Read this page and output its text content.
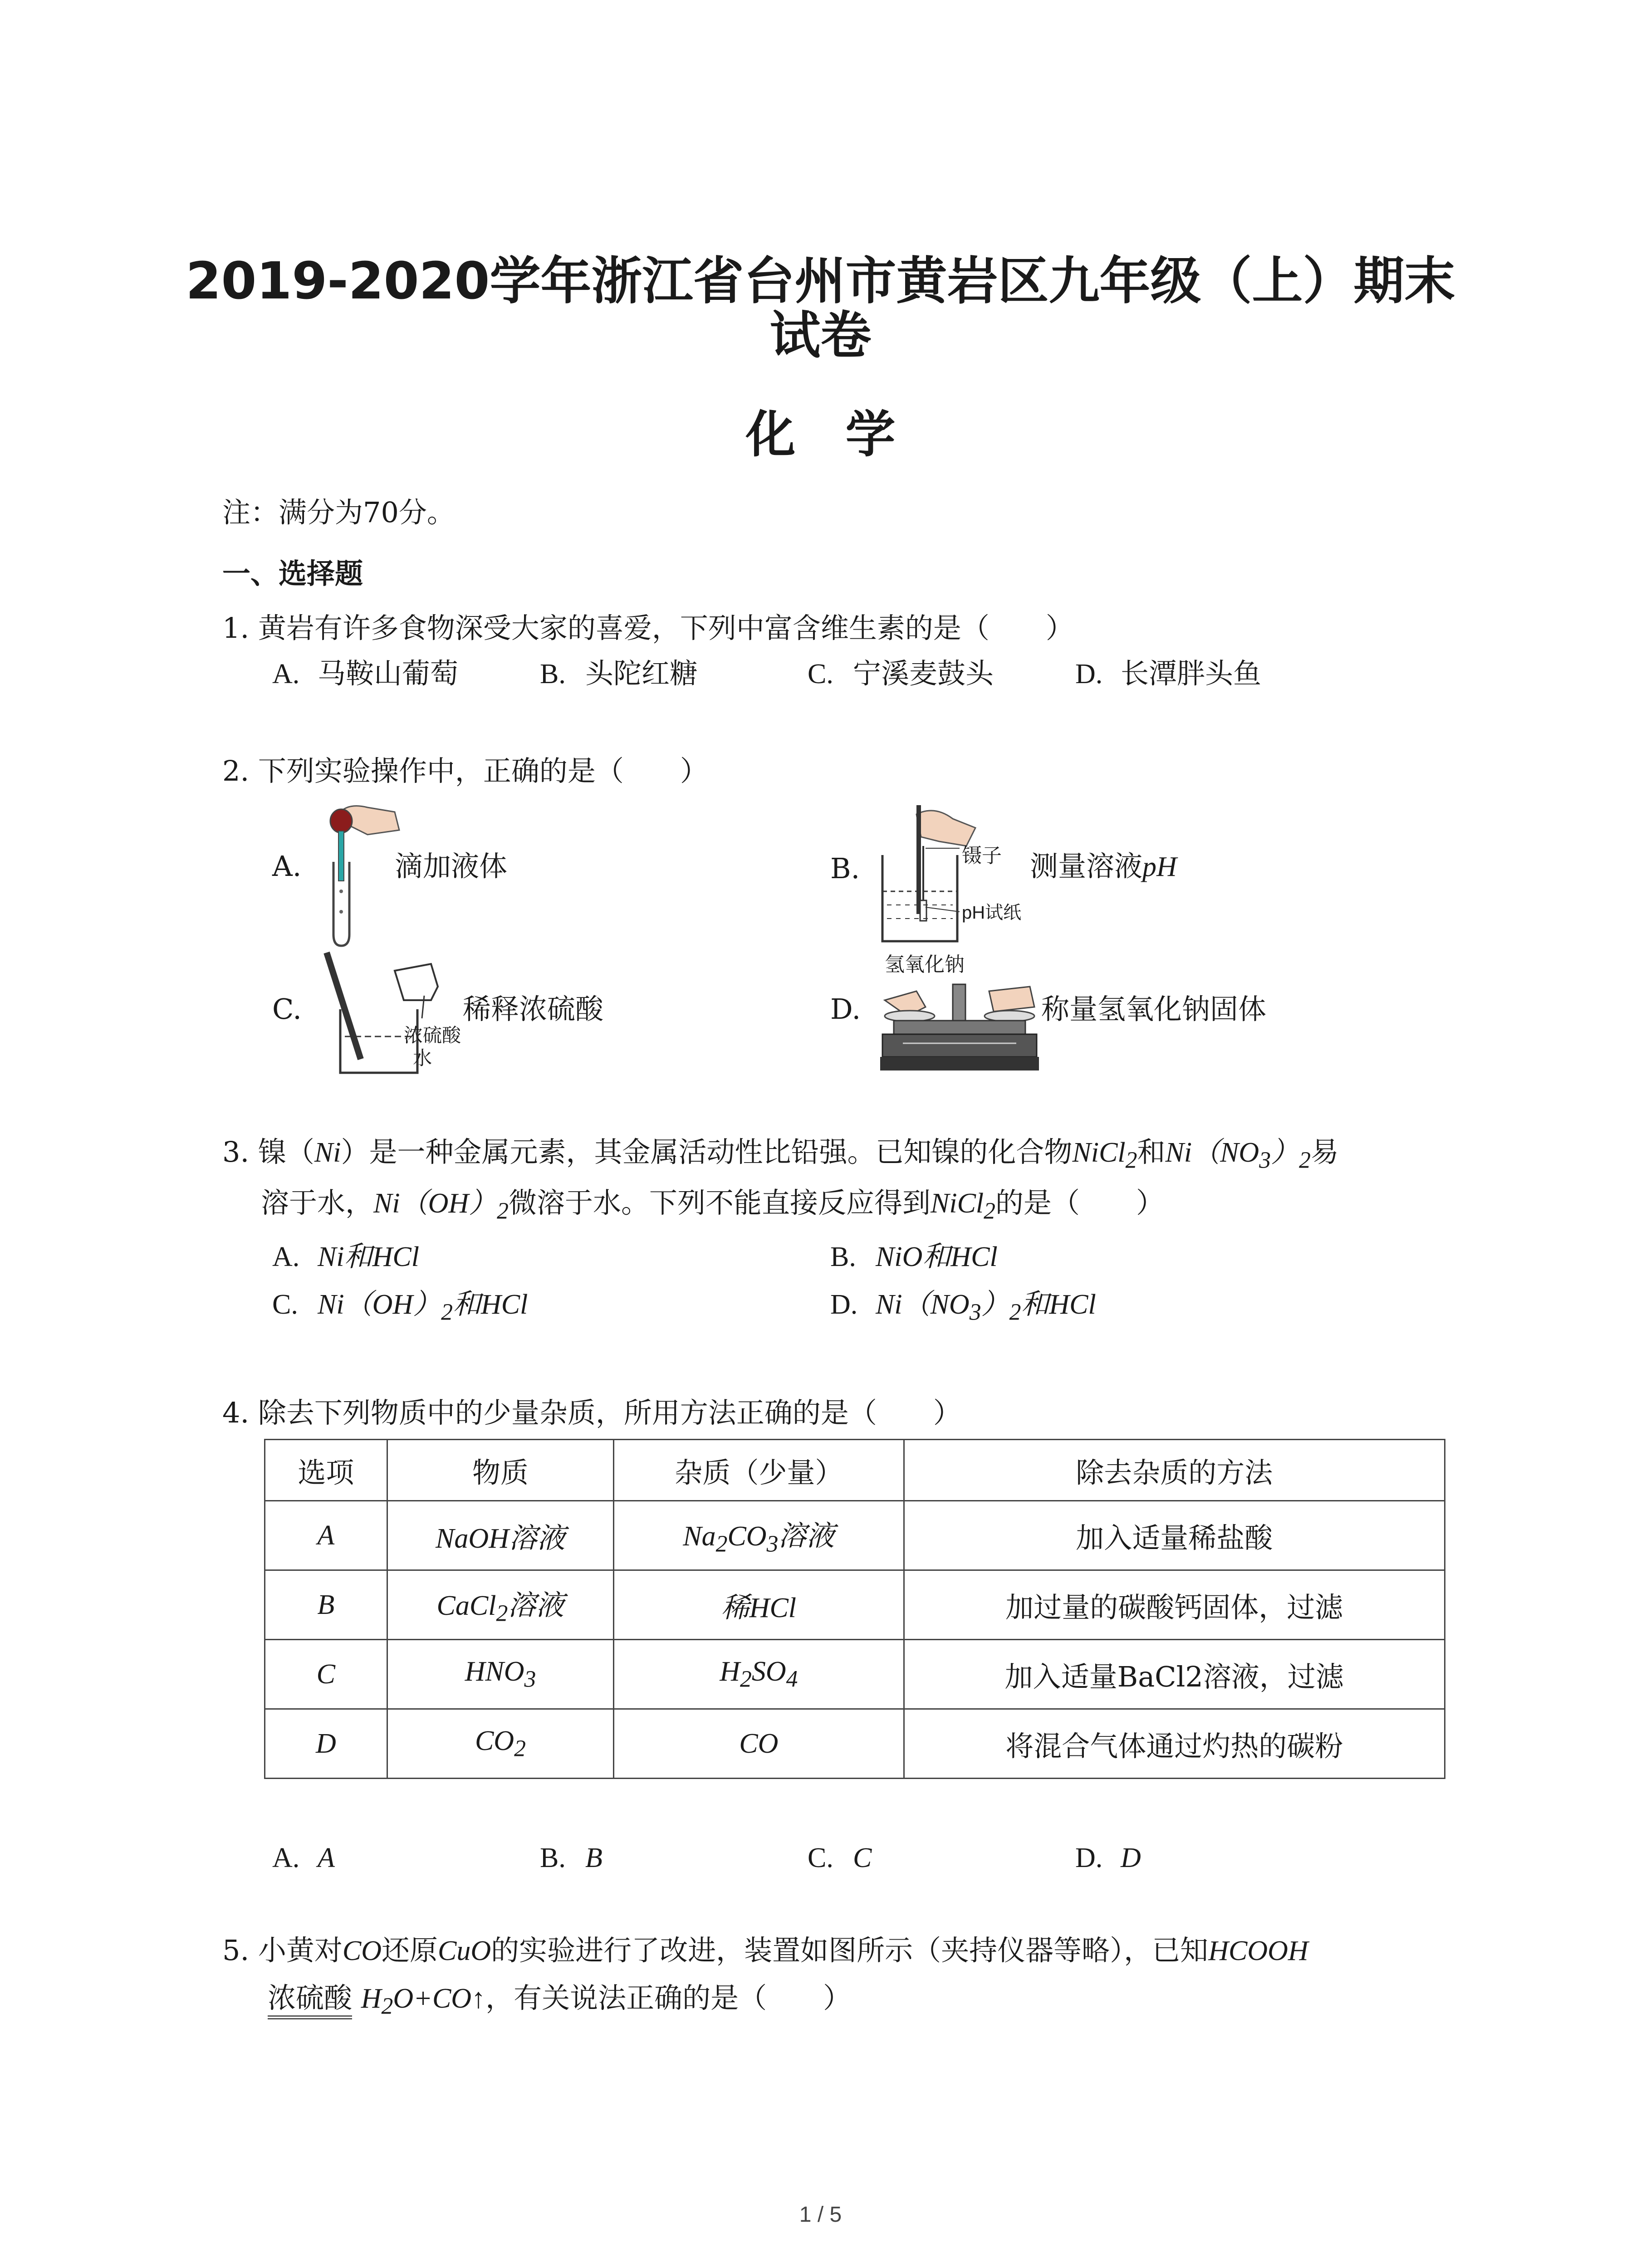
2019-2020学年浙江省台州市黄岩区九年级（上）期末
试卷
化学
注：满分为70分。
一、选择题
1. 黄岩有许多食物深受大家的喜爱，下列中富含维生素的是（　　）
A. 马鞍山葡萄	B. 头陀红糖	C. 宁溪麦鼓头	D. 长潭胖头鱼
2. 下列实验操作中，正确的是（　　）
A.	滴加液体	B.	镊子
pH试纸
测量溶液pH
C.
浓硫酸
水
稀释浓硫酸	D.
氢氧化钠
称量氢氧化钠固体
3. 镍（Ni）是一种金属元素，其金属活动性比铅强。已知镍的化合物NiCl$_2$和$Ni(NO_3)_2$易
溶于水，$Ni(OH)_2$微溶于水。下列不能直接反应得到NiCl$_2$的是（　　）
A. Ni和HCl	B. NiO和HCl
C. $Ni(OH)_2$和HCl	D. $Ni(NO_3)_2$和HCl
4. 除去下列物质中的少量杂质，所用方法正确的是（　　）
选项	物质	杂质（少量）	除去杂质的方法
A	NaOH溶液	$Na_2CO_3$溶液	加入适量稀盐酸
B	CaCl$_2$溶液	稀HCl	加过量的碳酸钙固体，过滤
C	$HNO_3$	$H_2SO_4$	加入适量BaCl2溶液，过滤
D	$CO_2$	CO	将混合气体通过灼热的碳粉
A. A	B. B	C. C	D. D
5. 小黄对CO还原CuO的实验进行了改进，装置如图所示（夹持仪器等略），已知HCOOH
浓硫酸 $H_2O+CO↑$，有关说法正确的是（　　）
1 / 5
